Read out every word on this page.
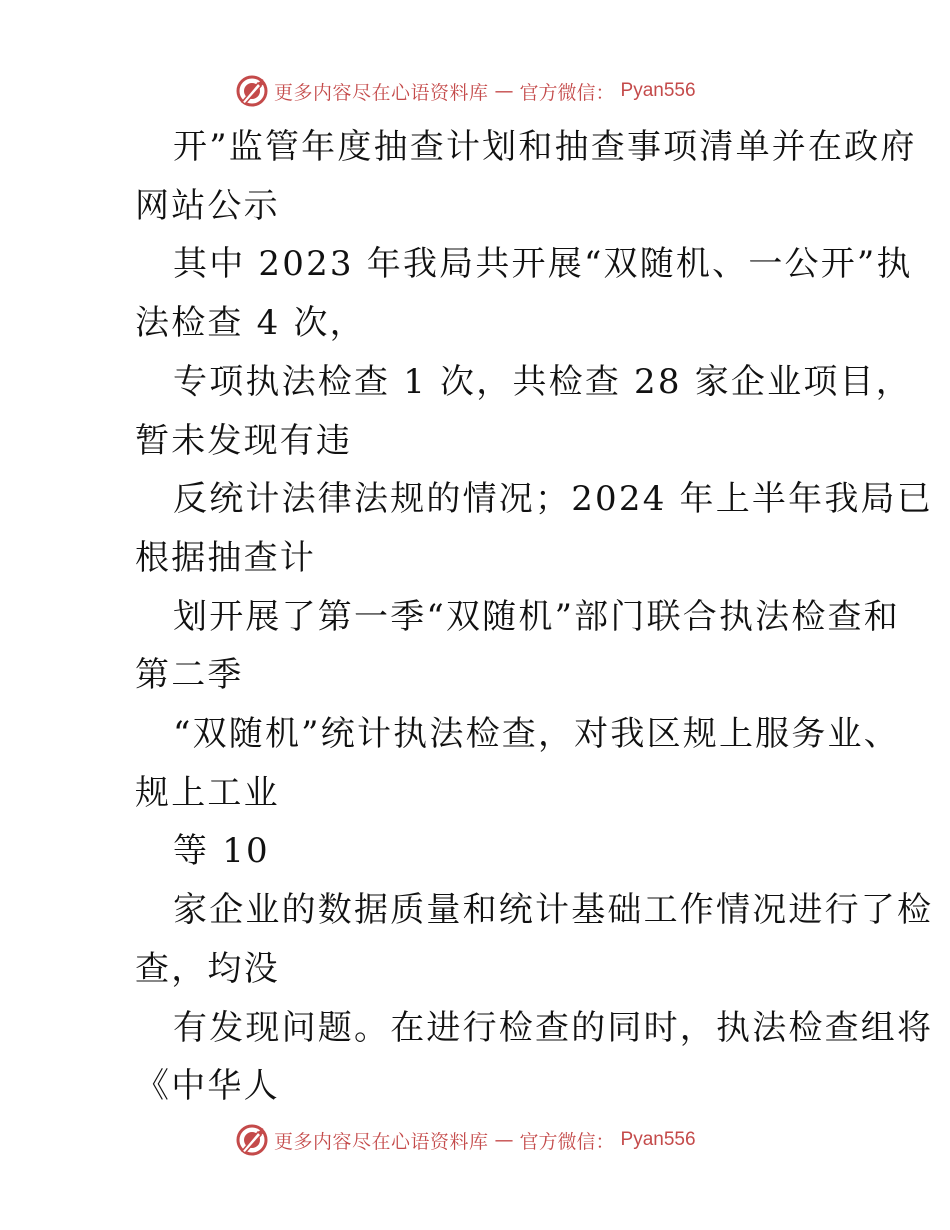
更多内容尽在心语资料库 — 官方微信： Pyan556
开”监管年度抽查计划和抽查事项清单并在政府
网站公示
其中 2023 年我局共开展“双随机、一公开”执
法检查 4 次，
专项执法检查 1 次，共检查 28 家企业项目，
暂未发现有违
反统计法律法规的情况；2024 年上半年我局已
根据抽查计
划开展了第一季“双随机”部门联合执法检查和
第二季
“双随机”统计执法检查，对我区规上服务业、
规上工业
等 10
家企业的数据质量和统计基础工作情况进行了检
查，均没
有发现问题。在进行检查的同时，执法检查组将
《中华人
更多内容尽在心语资料库 — 官方微信： Pyan556
